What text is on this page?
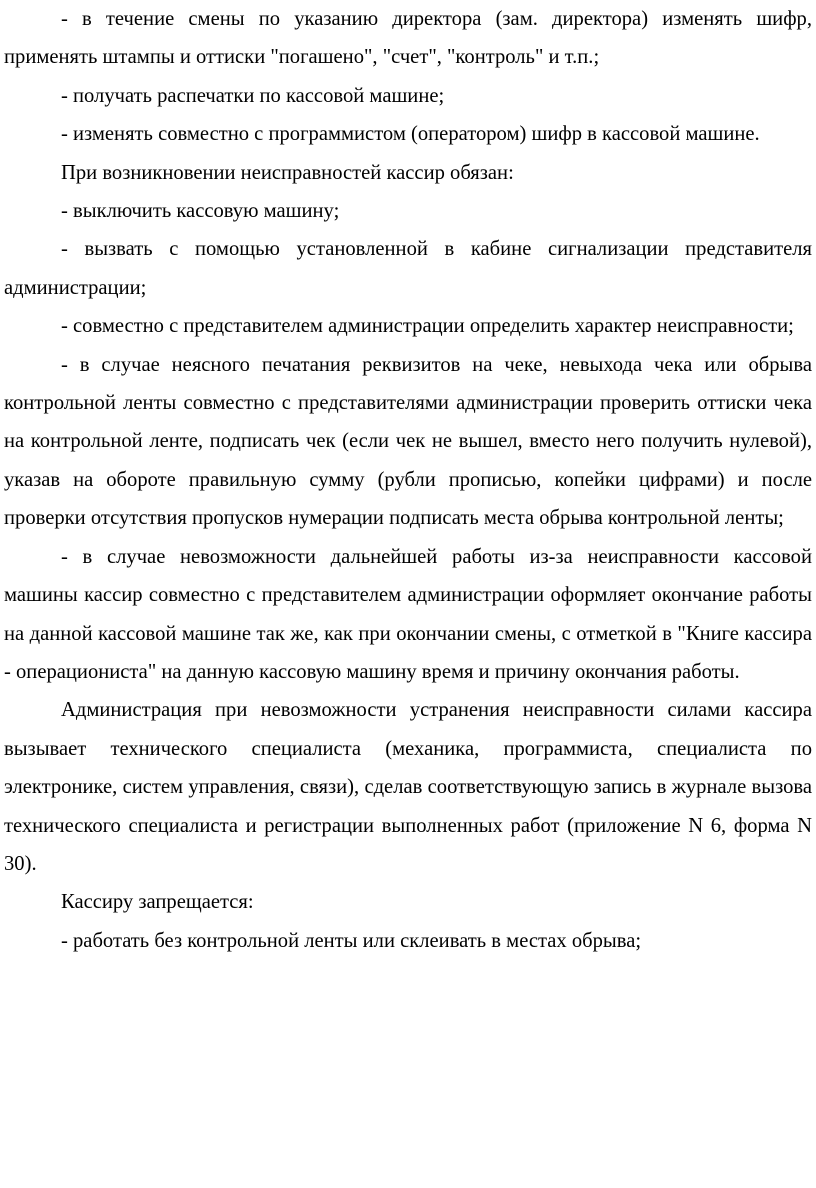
- в течение смены по указанию директора (зам. директора) изменять шифр, применять штампы и оттиски "погашено", "счет", "контроль" и т.п.;

- получать распечатки по кассовой машине;

- изменять совместно с программистом (оператором) шифр в кассовой машине.

При возникновении неисправностей кассир обязан:

- выключить кассовую машину;

- вызвать с помощью установленной в кабине сигнализации представителя администрации;

- совместно с представителем администрации определить характер неисправности;

- в случае неясного печатания реквизитов на чеке, невыхода чека или обрыва контрольной ленты совместно с представителями администрации проверить оттиски чека на контрольной ленте, подписать чек (если чек не вышел, вместо него получить нулевой), указав на обороте правильную сумму (рубли прописью, копейки цифрами) и после проверки отсутствия пропусков нумерации подписать места обрыва контрольной ленты;

- в случае невозможности дальнейшей работы из-за неисправности кассовой машины кассир совместно с представителем администрации оформляет окончание работы на данной кассовой машине так же, как при окончании смены, с отметкой в "Книге кассира - операциониста" на данную кассовую машину время и причину окончания работы.

Администрация при невозможности устранения неисправности силами кассира вызывает технического специалиста (механика, программиста, специалиста по электронике, систем управления, связи), сделав соответствующую запись в журнале вызова технического специалиста и регистрации выполненных работ (приложение N 6, форма N 30).

Кассиру запрещается:

- работать без контрольной ленты или склеивать в местах обрыва;
